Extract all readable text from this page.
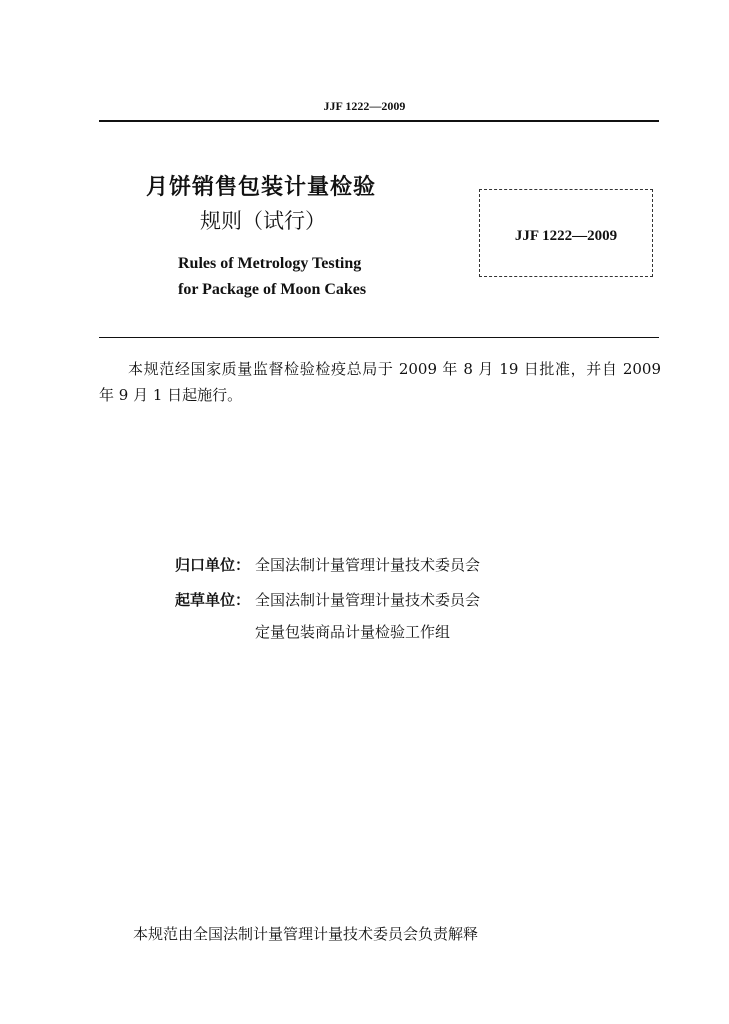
JJF 1222—2009
月饼销售包装计量检验
规则（试行）
Rules of Metrology Testing
for Package of Moon Cakes
JJF 1222—2009
本规范经国家质量监督检验检疫总局于 2009 年 8 月 19 日批准，并自 2009 年 9 月 1 日起施行。
归口单位： 全国法制计量管理计量技术委员会
起草单位： 全国法制计量管理计量技术委员会
定量包装商品计量检验工作组
本规范由全国法制计量管理计量技术委员会负责解释
